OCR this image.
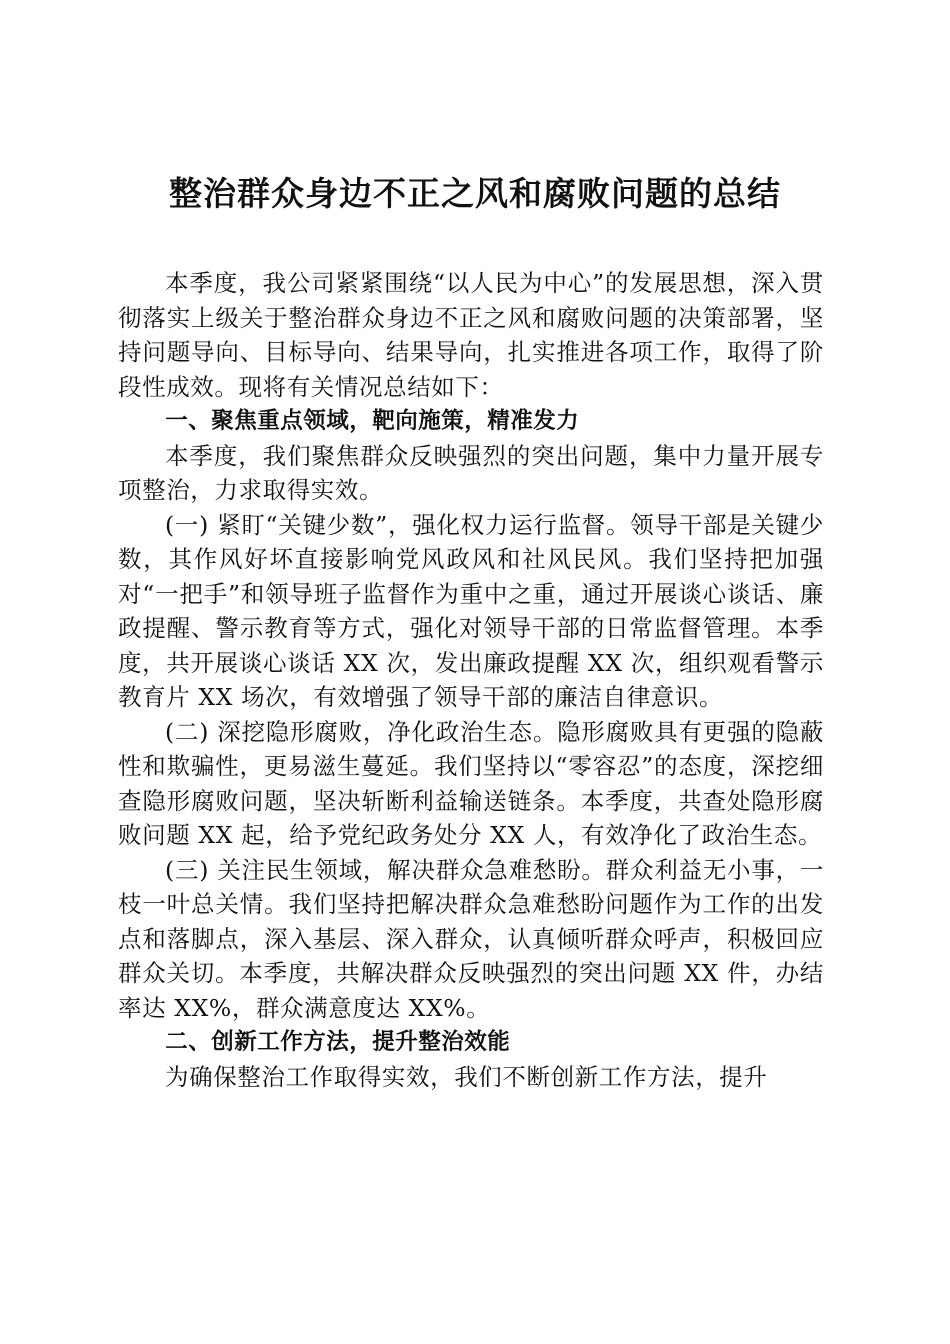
整治群众身边不正之风和腐败问题的总结

本季度，我公司紧紧围绕“以人民为中心”的发展思想，深入贯彻落实上级关于整治群众身边不正之风和腐败问题的决策部署，坚持问题导向、目标导向、结果导向，扎实推进各项工作，取得了阶段性成效。现将有关情况总结如下：

一、聚焦重点领域，靶向施策，精准发力

本季度，我们聚焦群众反映强烈的突出问题，集中力量开展专项整治，力求取得实效。

(一) 紧盯“关键少数”，强化权力运行监督。领导干部是关键少数，其作风好坏直接影响党风政风和社风民风。我们坚持把加强对“一把手”和领导班子监督作为重中之重，通过开展谈心谈话、廉政提醒、警示教育等方式，强化对领导干部的日常监督管理。本季度，共开展谈心谈话 XX 次，发出廉政提醒 XX 次，组织观看警示教育片 XX 场次，有效增强了领导干部的廉洁自律意识。

(二) 深挖隐形腐败，净化政治生态。隐形腐败具有更强的隐蔽性和欺骗性，更易滋生蔓延。我们坚持以“零容忍”的态度，深挖细查隐形腐败问题，坚决斩断利益输送链条。本季度，共查处隐形腐败问题 XX 起，给予党纪政务处分 XX 人，有效净化了政治生态。

(三) 关注民生领域，解决群众急难愁盼。群众利益无小事，一枝一叶总关情。我们坚持把解决群众急难愁盼问题作为工作的出发点和落脚点，深入基层、深入群众，认真倾听群众呼声，积极回应群众关切。本季度，共解决群众反映强烈的突出问题 XX 件，办结率达 XX%，群众满意度达 XX%。

二、创新工作方法，提升整治效能

为确保整治工作取得实效，我们不断创新工作方法，提升
